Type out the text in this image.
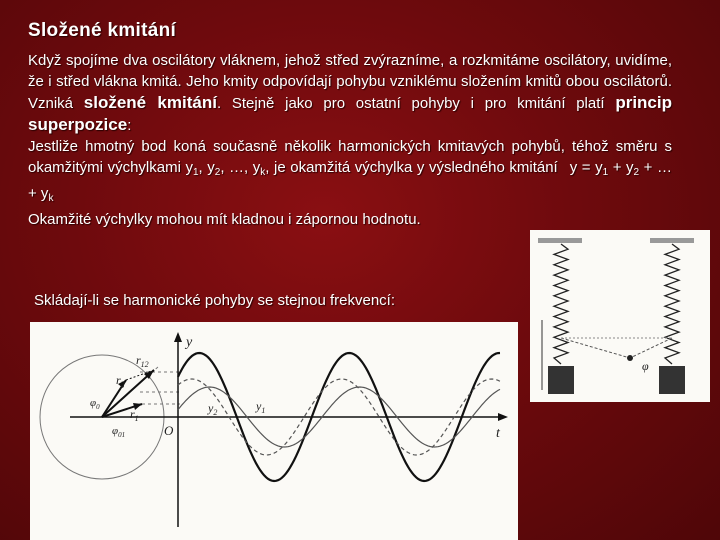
Složené kmitání

Když spojíme dva oscilátory vláknem, jehož střed zvýrazníme, a rozkmitáme oscilátory, uvidíme, že i střed vlákna kmitá. Jeho kmity odpovídají pohybu vzniklému složením kmitů obou oscilátorů. Vzniká složené kmitání. Stejně jako pro ostatní pohyby i pro kmitání platí princip superpozice:

Jestliže hmotný bod koná současně několik harmonických kmitavých pohybů, téhož směru s okamžitými výchylkami $y_1$, $y_2$, …, $y_k$, je okamžitá výchylka y výsledného kmitání $y = y_1 + y_2$ + … + $y_k$

Okamžité výchylky mohou mít kladnou i zápornou hodnotu.

Skládají-li se harmonické pohyby se stejnou frekvencí:
y
t
O
$r_{12}$
$r_2$
$r_1$
$\varphi_0$
$\varphi_{01}$
$y_1$
$y_2$
φ
